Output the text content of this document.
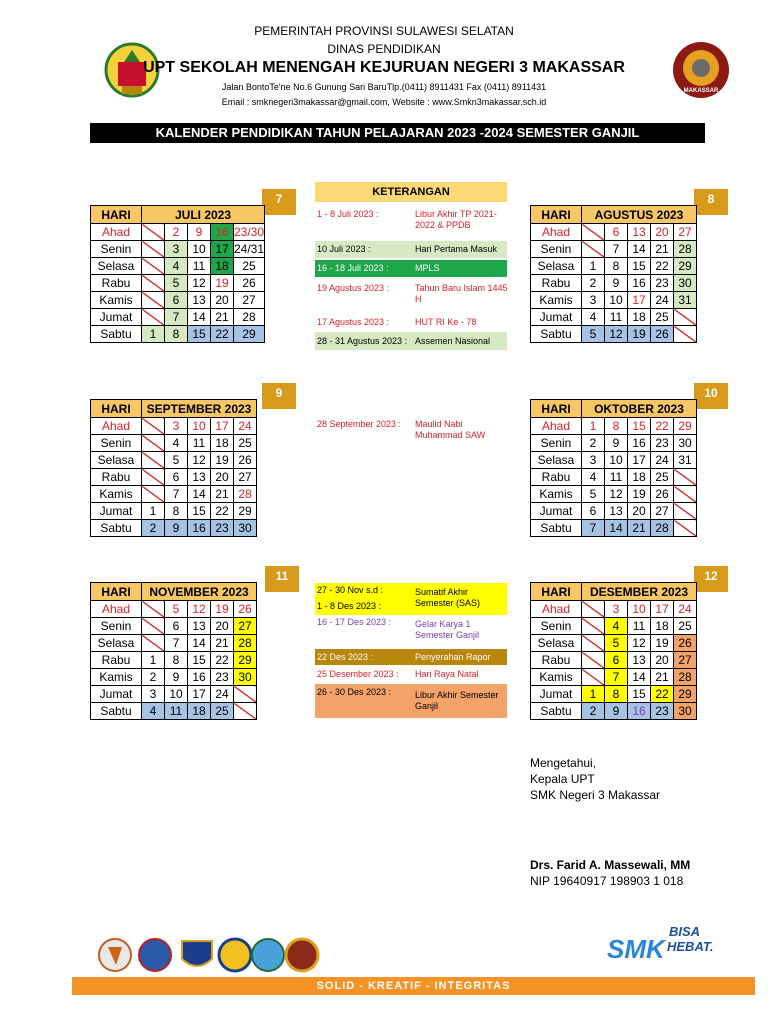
MAKASSAR
PEMERINTAH PROVINSI SULAWESI SELATAN
DINAS PENDIDIKAN
UPT SEKOLAH MENENGAH KEJURUAN NEGERI 3 MAKASSAR
Jalan BontoTe'ne No.6 Gunung Sari BaruTlp.(0411) 8911431 Fax (0411) 8911431
Email : smknegeri3makassar@gmail.com, Website : www.Smkn3makassar.sch.id
KALENDER PENDIDIKAN TAHUN PELAJARAN 2023 -2024 SEMESTER GANJIL
7
HARI	JULI 2023				
Ahad		2	9	16	23/30
Senin		3	10	17	24/31
Selasa		4	11	18	25
Rabu		5	12	19	26
Kamis		6	13	20	27
Jumat		7	14	21	28
Sabtu	1	8	15	22	29
8
HARI	AGUSTUS 2023				
Ahad		6	13	20	27
Senin		7	14	21	28
Selasa	1	8	15	22	29
Rabu	2	9	16	23	30
Kamis	3	10	17	24	31
Jumat	4	11	18	25	
Sabtu	5	12	19	26	
9
HARI	SEPTEMBER 2023				
Ahad		3	10	17	24
Senin		4	11	18	25
Selasa		5	12	19	26
Rabu		6	13	20	27
Kamis		7	14	21	28
Jumat	1	8	15	22	29
Sabtu	2	9	16	23	30
10
HARI	OKTOBER 2023				
Ahad	1	8	15	22	29
Senin	2	9	16	23	30
Selasa	3	10	17	24	31
Rabu	4	11	18	25	
Kamis	5	12	19	26	
Jumat	6	13	20	27	
Sabtu	7	14	21	28	
11
HARI	NOVEMBER 2023				
Ahad		5	12	19	26
Senin		6	13	20	27
Selasa		7	14	21	28
Rabu	1	8	15	22	29
Kamis	2	9	16	23	30
Jumat	3	10	17	24	
Sabtu	4	11	18	25	
12
HARI	DESEMBER 2023				
Ahad		3	10	17	24
Senin		4	11	18	25
Selasa		5	12	19	26
Rabu		6	13	20	27
Kamis		7	14	21	28
Jumat	1	8	15	22	29
Sabtu	2	9	16	23	30
KETERANGAN
1 - 8 Juli 2023 :	Libur Akhir TP 2021-2022 & PPDB
10 Juli 2023 :	Hari Pertama Masuk
16 - 18 Juli 2023 :	MPLS
19 Agustus 2023 :	Tahun Baru Islam 1445 H
17 Agustus 2023 :	HUT RI Ke - 78
28 - 31 Agustus 2023 : Assemen Nasional
28 September 2023 :	Maulid Nabi Muhammad SAW
27 - 30 Nov s.d :	Sumatif Akhir Semester (SAS)
1 - 8 Des 2023 :
16 - 17 Des 2023 :	Gelar Karya 1 Semester Ganjil
22 Des 2023 :	Penyerahan Rapor
25 Desember 2023 :	Hari Raya Natal
26 - 30 Des 2023 :	Libur Akhir Semester Ganjil
Mengetahui,
Kepala UPT
SMK Negeri 3 Makassar
Drs. Farid A. Massewali, MM
NIP 19640917 198903 1 018
SMK
BISA
HEBAT.
SOLID - KREATIF - INTEGRITAS
